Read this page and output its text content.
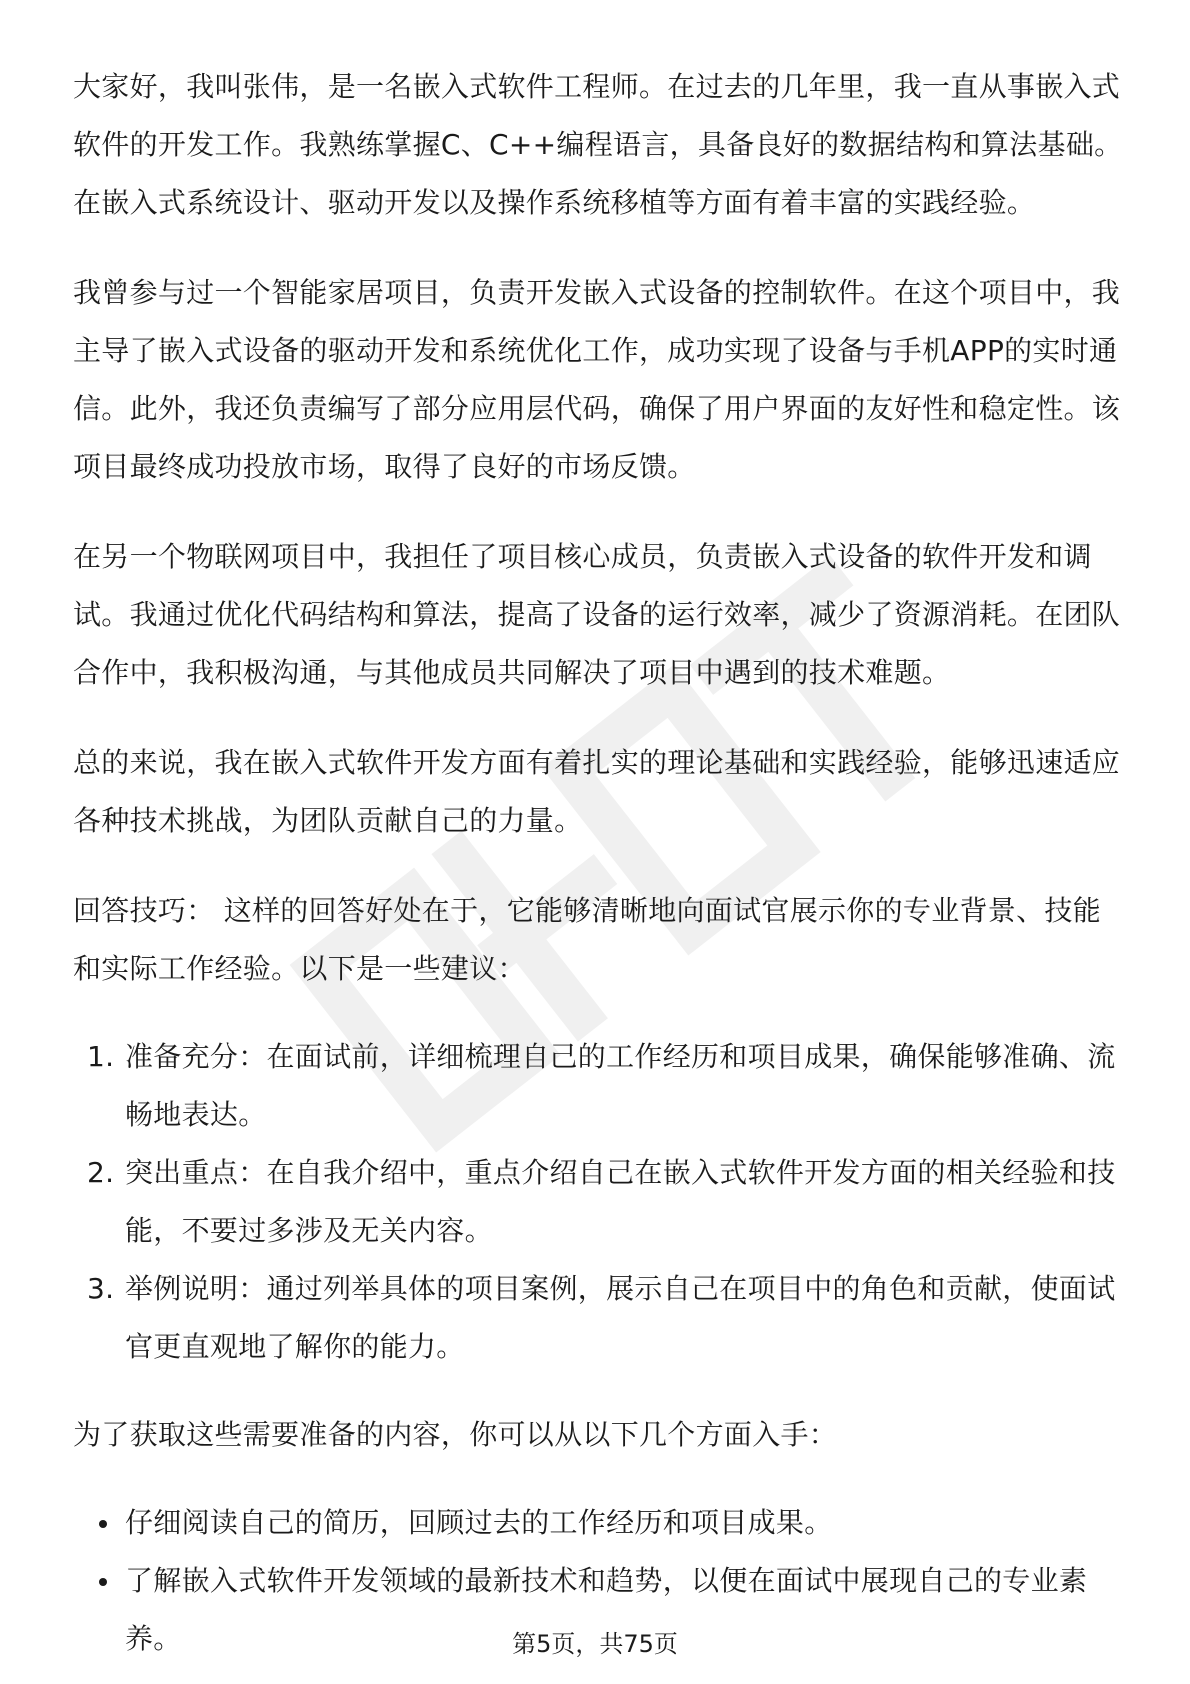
大家好，我叫张伟，是一名嵌入式软件工程师。在过去的几年里，我一直从事嵌入式软件的开发工作。我熟练掌握C、C++编程语言，具备良好的数据结构和算法基础。在嵌入式系统设计、驱动开发以及操作系统移植等方面有着丰富的实践经验。

我曾参与过一个智能家居项目，负责开发嵌入式设备的控制软件。在这个项目中，我主导了嵌入式设备的驱动开发和系统优化工作，成功实现了设备与手机APP的实时通信。此外，我还负责编写了部分应用层代码，确保了用户界面的友好性和稳定性。该项目最终成功投放市场，取得了良好的市场反馈。

在另一个物联网项目中，我担任了项目核心成员，负责嵌入式设备的软件开发和调试。我通过优化代码结构和算法，提高了设备的运行效率，减少了资源消耗。在团队合作中，我积极沟通，与其他成员共同解决了项目中遇到的技术难题。

总的来说，我在嵌入式软件开发方面有着扎实的理论基础和实践经验，能够迅速适应各种技术挑战，为团队贡献自己的力量。

回答技巧： 这样的回答好处在于，它能够清晰地向面试官展示你的专业背景、技能和实际工作经验。以下是一些建议：

1. 准备充分：在面试前，详细梳理自己的工作经历和项目成果，确保能够准确、流畅地表达。
2. 突出重点：在自我介绍中，重点介绍自己在嵌入式软件开发方面的相关经验和技能，不要过多涉及无关内容。
3. 举例说明：通过列举具体的项目案例，展示自己在项目中的角色和贡献，使面试官更直观地了解你的能力。

为了获取这些需要准备的内容，你可以从以下几个方面入手：

仔细阅读自己的简历，回顾过去的工作经历和项目成果。
了解嵌入式软件开发领域的最新技术和趋势，以便在面试中展现自己的专业素养。	第5页，共75页
